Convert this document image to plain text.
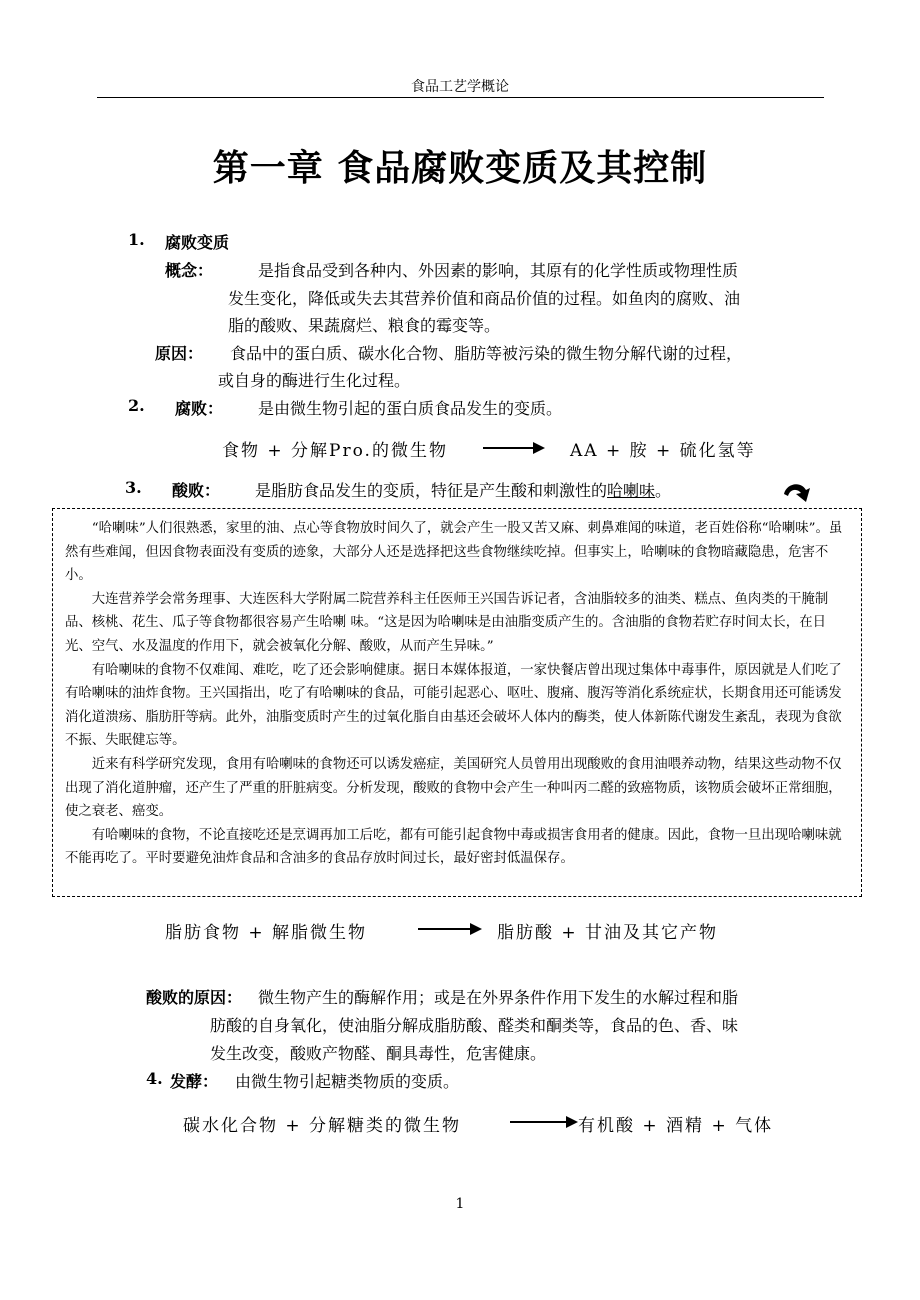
食品工艺学概论
第一章 食品腐败变质及其控制
1. 腐败变质
概念：	是指食品受到各种内、外因素的影响，其原有的化学性质或物理性质
发生变化，降低或失去其营养价值和商品价值的过程。如鱼肉的腐败、油
脂的酸败、果蔬腐烂、粮食的霉变等。
原因： 食品中的蛋白质、碳水化合物、脂肪等被污染的微生物分解代谢的过程，
或自身的酶进行生化过程。
2. 腐败： 是由微生物引起的蛋白质食品发生的变质。
食物 + 分解Pro.的微生物	AA + 胺 + 硫化氢等
3. 酸败： 是脂肪食品发生的变质，特征是产生酸和刺激性的哈喇味。

“哈喇味”人们很熟悉，家里的油、点心等食物放时间久了，就会产生一股又苦又麻、刺鼻难闻的味道，老百姓俗称“哈喇味”。虽然有些难闻，但因食物表面没有变质的迹象，大部分人还是选择把这些食物继续吃掉。但事实上，哈喇味的食物暗藏隐患，危害不小。

大连营养学会常务理事、大连医科大学附属二院营养科主任医师王兴国告诉记者，含油脂较多的油类、糕点、鱼肉类的干腌制品、核桃、花生、瓜子等食物都很容易产生哈喇 味。“这是因为哈喇味是由油脂变质产生的。含油脂的食物若贮存时间太长，在日光、空气、水及温度的作用下，就会被氧化分解、酸败，从而产生异味。”

有哈喇味的食物不仅难闻、难吃，吃了还会影响健康。据日本媒体报道，一家快餐店曾出现过集体中毒事件，原因就是人们吃了有哈喇味的油炸食物。王兴国指出，吃了有哈喇味的食品，可能引起恶心、呕吐、腹痛、腹泻等消化系统症状，长期食用还可能诱发消化道溃疡、脂肪肝等病。此外，油脂变质时产生的过氧化脂自由基还会破坏人体内的酶类，使人体新陈代谢发生紊乱，表现为食欲不振、失眠健忘等。

近来有科学研究发现，食用有哈喇味的食物还可以诱发癌症，美国研究人员曾用出现酸败的食用油喂养动物，结果这些动物不仅出现了消化道肿瘤，还产生了严重的肝脏病变。分析发现，酸败的食物中会产生一种叫丙二醛的致癌物质，该物质会破坏正常细胞，使之衰老、癌变。

有哈喇味的食物，不论直接吃还是烹调再加工后吃，都有可能引起食物中毒或损害食用者的健康。因此，食物一旦出现哈喇味就不能再吃了。平时要避免油炸食品和含油多的食品存放时间过长，最好密封低温保存。

脂肪食物 + 解脂微生物	脂肪酸 + 甘油及其它产物
酸败的原因： 微生物产生的酶解作用；或是在外界条件作用下发生的水解过程和脂
肪酸的自身氧化，使油脂分解成脂肪酸、醛类和酮类等，食品的色、香、味
发生改变，酸败产物醛、酮具毒性，危害健康。
4. 发酵： 由微生物引起糖类物质的变质。
碳水化合物 + 分解糖类的微生物	有机酸 + 酒精 + 气体
1
